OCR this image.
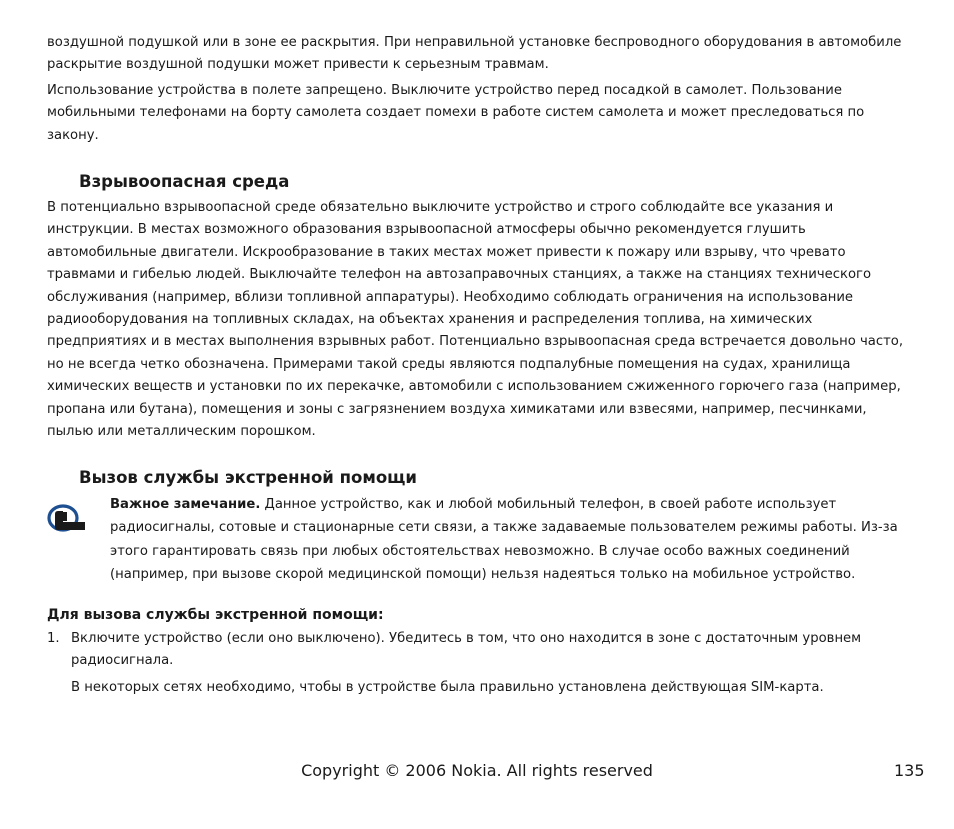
воздушной подушкой или в зоне ее раскрытия. При неправильной установке беспроводного оборудования в автомобиле раскрытие воздушной подушки может привести к серьезным травмам.

Использование устройства в полете запрещено. Выключите устройство перед посадкой в самолет. Пользование мобильными телефонами на борту самолета создает помехи в работе систем самолета и может преследоваться по закону.

Взрывоопасная среда

В потенциально взрывоопасной среде обязательно выключите устройство и строго соблюдайте все указания и инструкции. В местах возможного образования взрывоопасной атмосферы обычно рекомендуется глушить автомобильные двигатели. Искрообразование в таких местах может привести к пожару или взрыву, что чревато травмами и гибелью людей. Выключайте телефон на автозаправочных станциях, а также на станциях технического обслуживания (например, вблизи топливной аппаратуры). Необходимо соблюдать ограничения на использование радиооборудования на топливных складах, на объектах хранения и распределения топлива, на химических предприятиях и в местах выполнения взрывных работ. Потенциально взрывоопасная среда встречается довольно часто, но не всегда четко обозначена. Примерами такой среды являются подпалубные помещения на судах, хранилища химических веществ и установки по их перекачке, автомобили с использованием сжиженного горючего газа (например, пропана или бутана), помещения и зоны с загрязнением воздуха химикатами или взвесями, например, песчинками, пылью или металлическим порошком.

Вызов службы экстренной помощи

Важное замечание. Данное устройство, как и любой мобильный телефон, в своей работе использует радиосигналы, сотовые и стационарные сети связи, а также задаваемые пользователем режимы работы. Из-за этого гарантировать связь при любых обстоятельствах невозможно. В случае особо важных соединений (например, при вызове скорой медицинской помощи) нельзя надеяться только на мобильное устройство.

Для вызова службы экстренной помощи:
1. Включите устройство (если оно выключено). Убедитесь в том, что оно находится в зоне с достаточным уровнем радиосигнала.

В некоторых сетях необходимо, чтобы в устройстве была правильно установлена действующая SIM-карта.

Copyright © 2006 Nokia. All rights reserved	135
